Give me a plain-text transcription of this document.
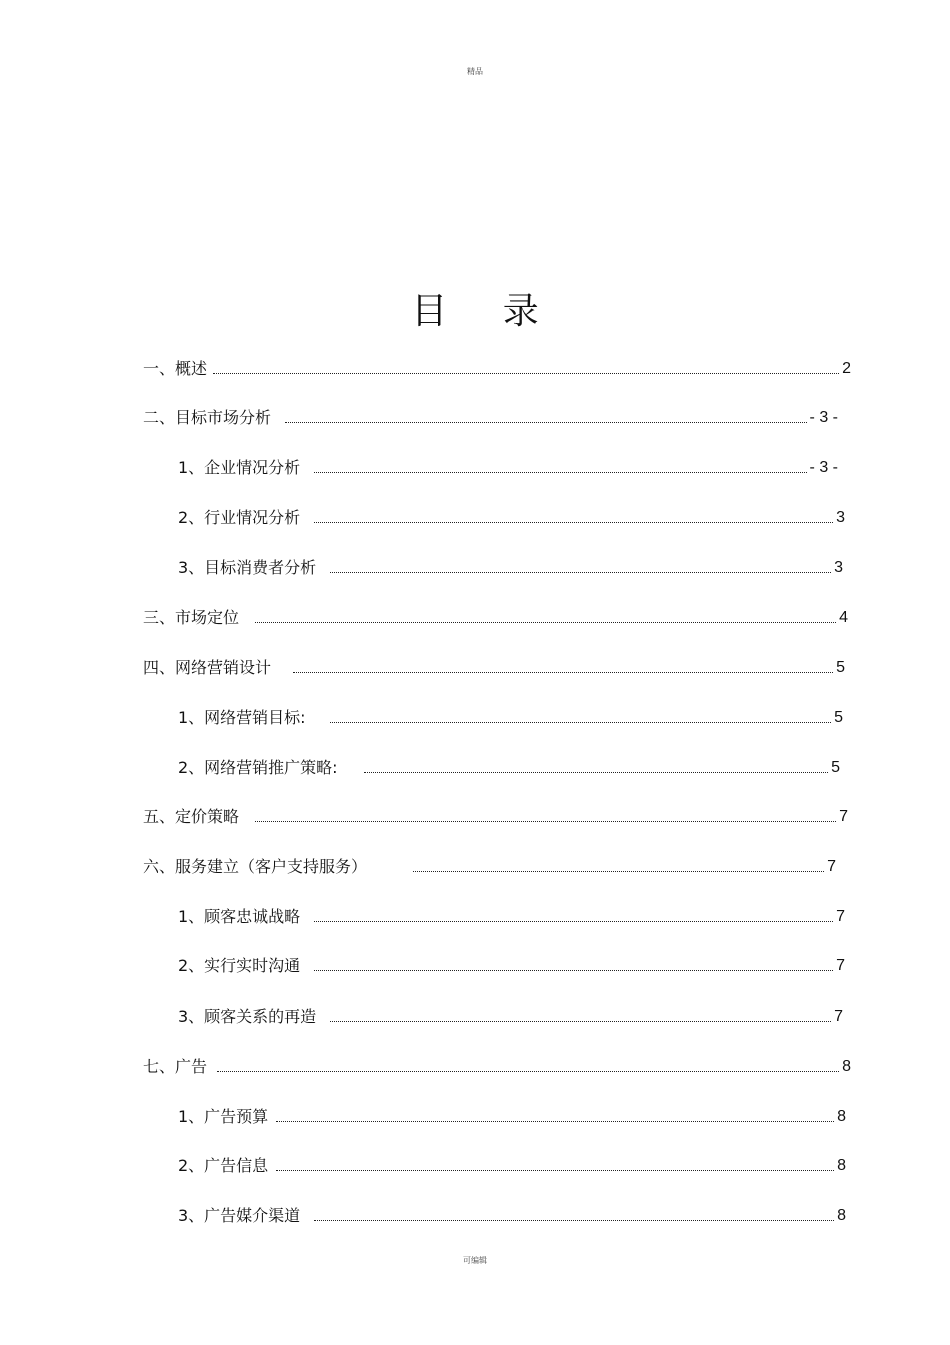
精品
目 录
一、概述	2
二、目标市场分析	- 3 -
1、企业情况分析	- 3 -
2、行业情况分析	3
3、目标消费者分析	3
三、市场定位	4
四、网络营销设计	5
1、网络营销目标:	5
2、网络营销推广策略:	5
五、定价策略	7
六、服务建立（客户支持服务）	7
1、顾客忠诚战略	7
2、实行实时沟通	7
3、顾客关系的再造	7
七、广告	8
1、广告预算	8
2、广告信息	8
3、广告媒介渠道	8
可编辑
